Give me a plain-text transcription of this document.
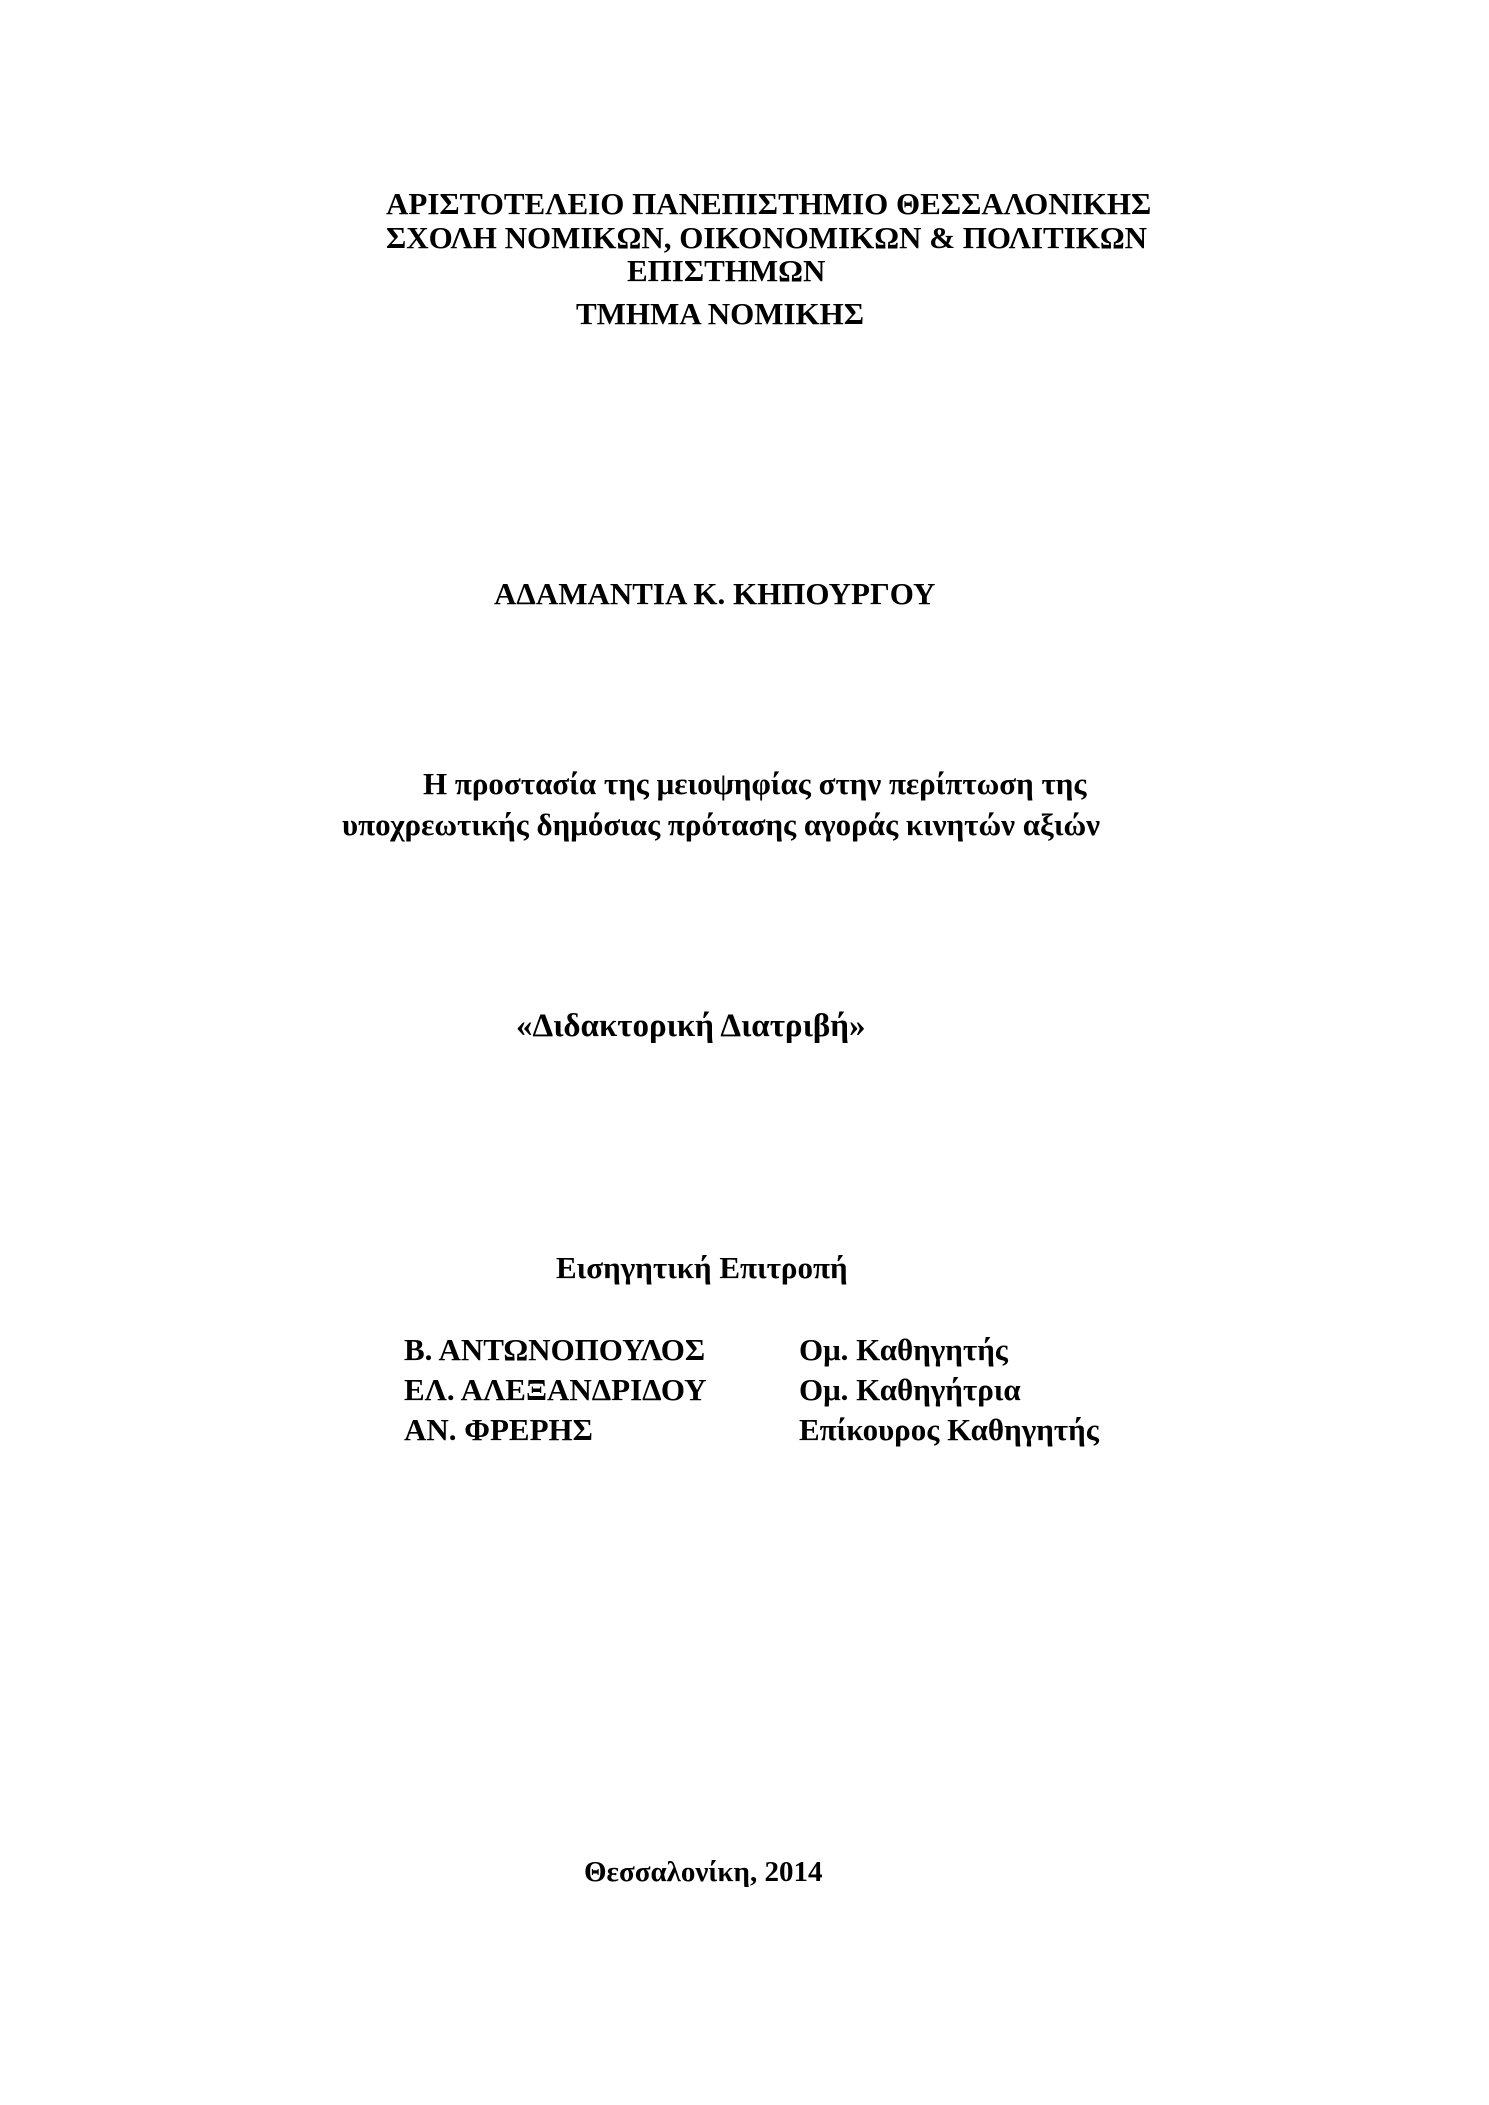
ΑΡΙΣΤΟΤΕΛΕΙΟ ΠΑΝΕΠΙΣΤΗΜΙΟ ΘΕΣΣΑΛΟΝΙΚΗΣ
ΣΧΟΛΗ ΝΟΜΙΚΩΝ, ΟΙΚΟΝΟΜΙΚΩΝ & ΠΟΛΙΤΙΚΩΝ
ΕΠΙΣΤΗΜΩΝ
ΤΜΗΜΑ ΝΟΜΙΚΗΣ
ΑΔΑΜΑΝΤΙΑ Κ. ΚΗΠΟΥΡΓΟΥ
Η προστασία της μειοψηφίας στην περίπτωση της
υποχρεωτικής δημόσιας πρότασης αγοράς κινητών αξιών
«Διδακτορική Διατριβή»
Εισηγητική Επιτροπή
Β. ΑΝΤΩΝΟΠΟΥΛΟΣ	Ομ. Καθηγητής
ΕΛ. ΑΛΕΞΑΝΔΡΙΔΟΥ	Ομ. Καθηγήτρια
ΑΝ. ΦΡΕΡΗΣ	Επίκουρος Καθηγητής
Θεσσαλονίκη, 2014
